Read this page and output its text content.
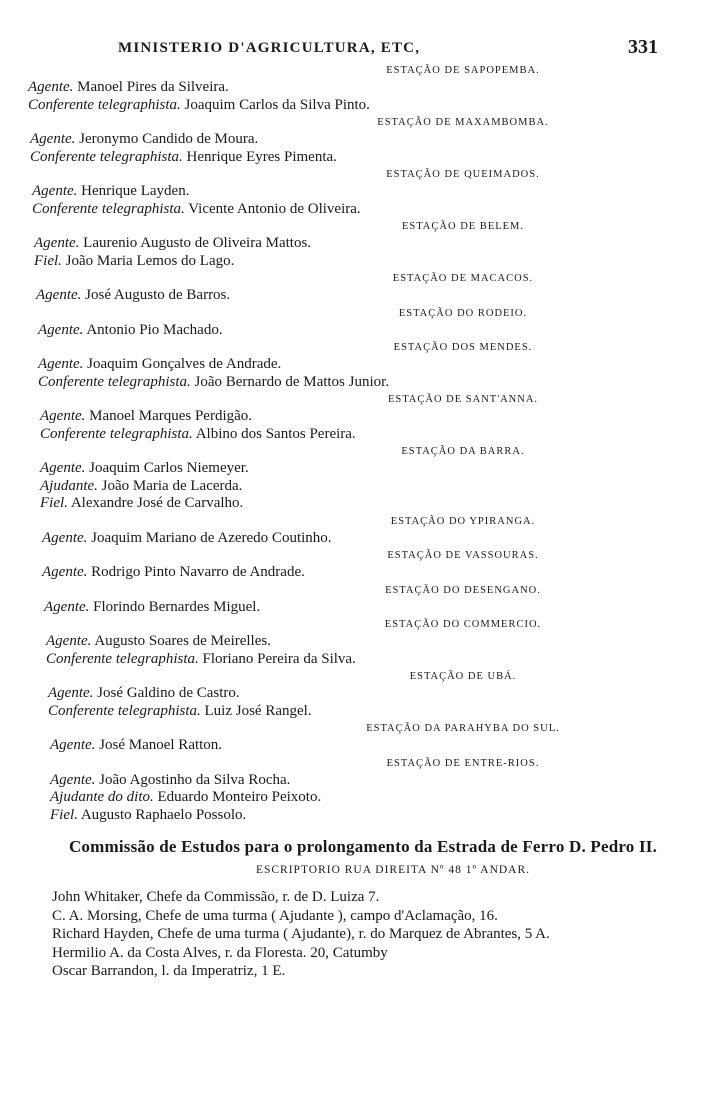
MINISTERIO D'AGRICULTURA, ETC,	331
ESTAÇÃO DE SAPOPEMBA.
Agente. Manoel Pires da Silveira.
Conferente telegraphista. Joaquim Carlos da Silva Pinto.
ESTAÇÃO DE MAXAMBOMBA.
Agente. Jeronymo Candido de Moura.
Conferente telegraphista. Henrique Eyres Pimenta.
ESTAÇÃO DE QUEIMADOS.
Agente. Henrique Layden.
Conferente telegraphista. Vicente Antonio de Oliveira.
ESTAÇÃO DE BELEM.
Agente. Laurenio Augusto de Oliveira Mattos.
Fiel. João Maria Lemos do Lago.
ESTAÇÃO DE MACACOS.
Agente. José Augusto de Barros.
ESTAÇÃO DO RODEIO.
Agente. Antonio Pio Machado.
ESTAÇÃO DOS MENDES.
Agente. Joaquim Gonçalves de Andrade.
Conferente telegraphista. João Bernardo de Mattos Junior.
ESTAÇÃO DE SANT'ANNA.
Agente. Manoel Marques Perdigão.
Conferente telegraphista. Albino dos Santos Pereira.
ESTAÇÃO DA BARRA.
Agente. Joaquim Carlos Niemeyer.
Ajudante. João Maria de Lacerda.
Fiel. Alexandre José de Carvalho.
ESTAÇÃO DO YPIRANGA.
Agente. Joaquim Mariano de Azeredo Coutinho.
ESTAÇÃO DE VASSOURAS.
Agente. Rodrigo Pinto Navarro de Andrade.
ESTAÇÃO DO DESENGANO.
Agente. Florindo Bernardes Miguel.
ESTAÇÃO DO COMMERCIO.
Agente. Augusto Soares de Meirelles.
Conferente telegraphista. Floriano Pereira da Silva.
ESTAÇÃO DE UBÁ.
Agente. José Galdino de Castro.
Conferente telegraphista. Luiz José Rangel.
ESTAÇÃO DA PARAHYBA DO SUL.
Agente. José Manoel Ratton.
ESTAÇÃO DE ENTRE-RIOS.
Agente. João Agostinho da Silva Rocha.
Ajudante do dito. Eduardo Monteiro Peixoto.
Fiel. Augusto Raphaelo Possolo.
Commissão de Estudos para o prolongamento da Estrada de Ferro D. Pedro II.
ESCRIPTORIO RUA DIREITA Nº 48 1º ANDAR.
John Whitaker, Chefe da Commissão, r. de D. Luiza 7.
C. A. Morsing, Chefe de uma turma ( Ajudante ), campo d'Aclamação, 16.
Richard Hayden, Chefe de uma turma ( Ajudante), r. do Marquez de Abrantes, 5 A.
Hermilio A. da Costa Alves, r. da Floresta. 20, Catumby
Oscar Barrandon, l. da Imperatriz, 1 E.
